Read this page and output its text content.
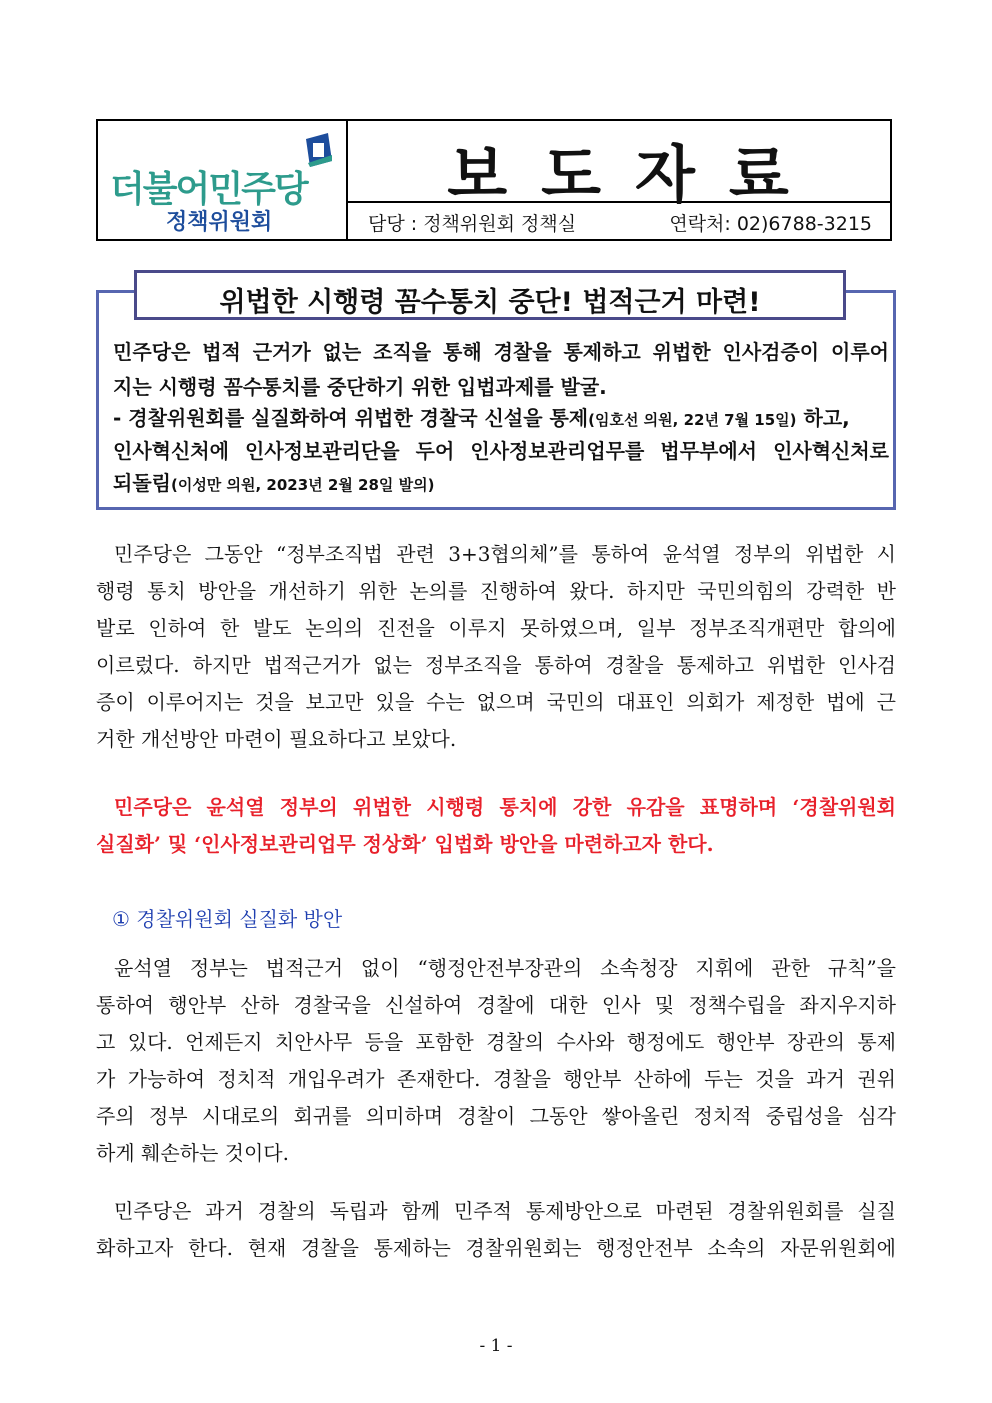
더불어민주당
정책위원회
보도자료
담당 : 정책위원회 정책실	연락처: 02)6788-3215
위법한 시행령 꼼수통치 중단! 법적근거 마련!
민주당은 법적 근거가 없는 조직을 통해 경찰을 통제하고 위법한 인사검증이 이루어
지는 시행령 꼼수통치를 중단하기 위한 입법과제를 발굴.
- 경찰위원회를 실질화하여 위법한 경찰국 신설을 통제(임호선 의원, 22년 7월 15일) 하고,
인사혁신처에 인사정보관리단을 두어 인사정보관리업무를 법무부에서 인사혁신처로
되돌림(이성만 의원, 2023년 2월 28일 발의)
민주당은 그동안 “정부조직법 관련 3+3협의체”를 통하여 윤석열 정부의 위법한 시
행령 통치 방안을 개선하기 위한 논의를 진행하여 왔다. 하지만 국민의힘의 강력한 반
발로 인하여 한 발도 논의의 진전을 이루지 못하였으며, 일부 정부조직개편만 합의에
이르렀다. 하지만 법적근거가 없는 정부조직을 통하여 경찰을 통제하고 위법한 인사검
증이 이루어지는 것을 보고만 있을 수는 없으며 국민의 대표인 의회가 제정한 법에 근
거한 개선방안 마련이 필요하다고 보았다.
민주당은 윤석열 정부의 위법한 시행령 통치에 강한 유감을 표명하며 ‘경찰위원회
실질화’ 및 ‘인사정보관리업무 정상화’ 입법화 방안을 마련하고자 한다.
① 경찰위원회 실질화 방안
윤석열 정부는 법적근거 없이 “행정안전부장관의 소속청장 지휘에 관한 규칙”을
통하여 행안부 산하 경찰국을 신설하여 경찰에 대한 인사 및 정책수립을 좌지우지하
고 있다. 언제든지 치안사무 등을 포함한 경찰의 수사와 행정에도 행안부 장관의 통제
가 가능하여 정치적 개입우려가 존재한다. 경찰을 행안부 산하에 두는 것을 과거 권위
주의 정부 시대로의 회귀를 의미하며 경찰이 그동안 쌓아올린 정치적 중립성을 심각
하게 훼손하는 것이다.
민주당은 과거 경찰의 독립과 함께 민주적 통제방안으로 마련된 경찰위원회를 실질
화하고자 한다. 현재 경찰을 통제하는 경찰위원회는 행정안전부 소속의 자문위원회에
- 1 -
